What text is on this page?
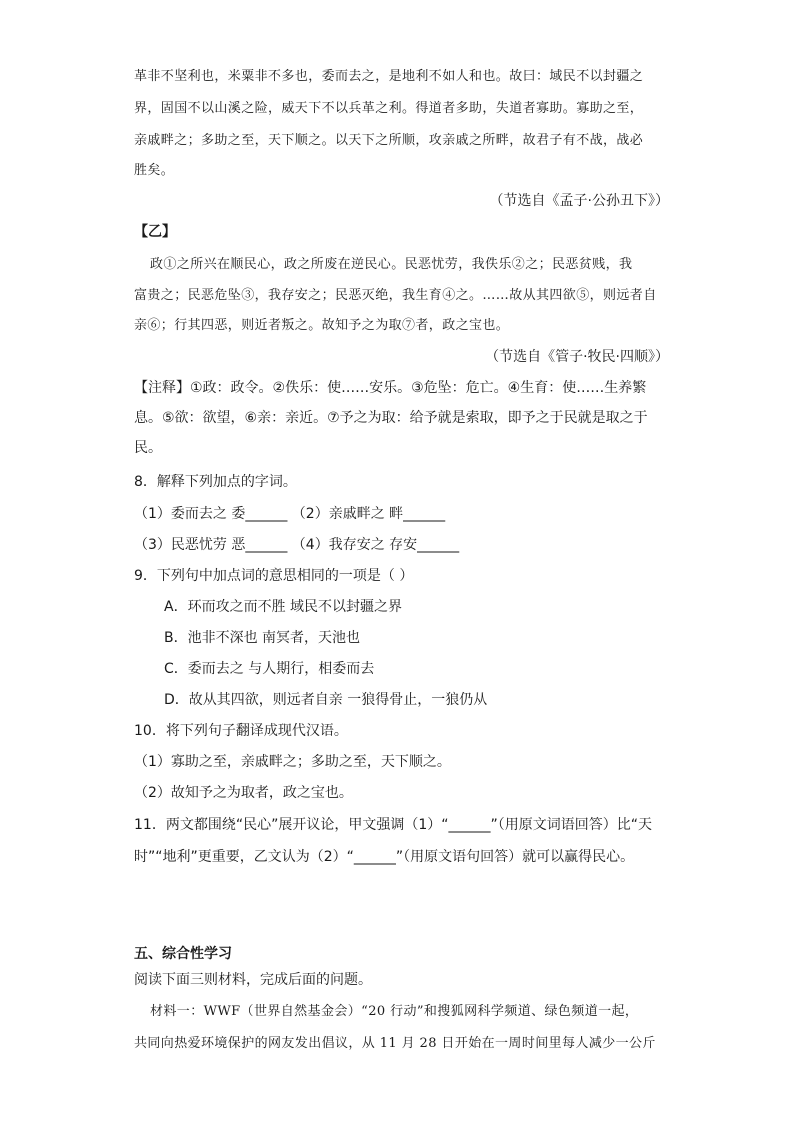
革非不坚利也，米粟非不多也，委而去之，是地利不如人和也。故曰：域民不以封疆之
界，固国不以山溪之险，威天下不以兵革之利。得道者多助，失道者寡助。寡助之至，
亲戚畔之；多助之至，天下顺之。以天下之所顺，攻亲戚之所畔，故君子有不战，战必
胜矣。
（节选自《孟子·公孙丑下》）
【乙】
政①之所兴在顺民心，政之所废在逆民心。民恶忧劳，我佚乐②之；民恶贫贱，我
富贵之；民恶危坠③，我存安之；民恶灭绝，我生育④之。……故从其四欲⑤，则远者自
亲⑥；行其四恶，则近者叛之。故知予之为取⑦者，政之宝也。
（节选自《管子·牧民·四顺》）
【注释】①政：政令。②佚乐：使……安乐。③危坠：危亡。④生育：使……生养繁
息。⑤欲：欲望，⑥亲：亲近。⑦予之为取：给予就是索取，即予之于民就是取之于
民。
8．解释下列加点的字词。
（1）委而去之 委______ （2）亲戚畔之 畔______
（3）民恶忧劳 恶______ （4）我存安之 存安______
9．下列句中加点词的意思相同的一项是（ ）
A．环而攻之而不胜 域民不以封疆之界
B．池非不深也 南冥者，天池也
C．委而去之 与人期行，相委而去
D．故从其四欲，则远者自亲 一狼得骨止，一狼仍从
10．将下列句子翻译成现代汉语。
（1）寡助之至，亲戚畔之；多助之至，天下顺之。
（2）故知予之为取者，政之宝也。
11．两文都围绕“民心”展开议论，甲文强调（1）“______”（用原文词语回答）比“天
时”“地利”更重要，乙文认为（2）“______”（用原文语句回答）就可以赢得民心。
五、综合性学习
阅读下面三则材料，完成后面的问题。
材料一：WWF（世界自然基金会）“20 行动”和搜狐网科学频道、绿色频道一起，
共同向热爱环境保护的网友发出倡议，从 11 月 28 日开始在一周时间里每人减少一公斤
